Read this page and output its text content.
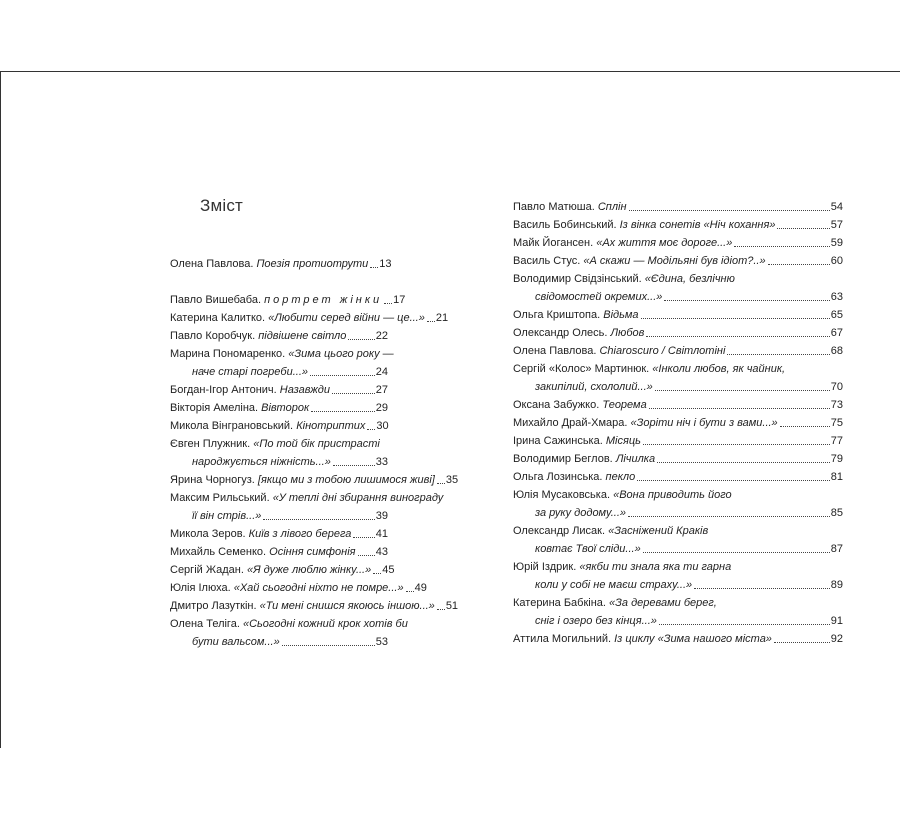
Зміст
Олена Павлова. Поезія протиотрути 13
Павло Вишебаба. портрет жінки 17
Катерина Калитко. «Любити серед війни — це...» 21
Павло Коробчук. підвішене світло	22
Марина Пономаренко. «Зима цього року —
наче старі погреби...»	24
Богдан-Ігор Антонич. Назавжди	27
Вікторія Амеліна. Вівторок	29
Микола Вінграновський. Кінотриптих 30
Євген Плужник. «По той бік пристрасті
народжується ніжність...»	33
Ярина Чорногуз. [якщо ми з тобою лишимося живі] 35
Максим Рильський. «У теплі дні збирання винограду
її він стрів...»	39
Микола Зеров. Київ з лівого берега 41
Михайль Семенко. Осіння симфонія 43
Сергій Жадан. «Я дуже люблю жінку...» 45
Юлія Ілюха. «Хай сьогодні ніхто не помре...» 49
Дмитро Лазуткін. «Ти мені снишся якоюсь іншою...» 51
Олена Теліга. «Сьогодні кожний крок хотів би
бути вальсом...»	53
Павло Матюша. Сплін	54
Василь Бобинський. Із вінка сонетів «Ніч кохання»	57
Майк Йогансен. «Ах життя моє дороге...»	59
Василь Стус. «А скажи — Модільяні був ідіот?..»	60
Володимир Свідзінський. «Єдина, безлiчню
свідомостей окремих...»	63
Ольга Криштопа. Відьма	65
Олександр Олесь. Любов	67
Олена Павлова. Chiaroscuro / Світлотіні	68
Сергій «Колос» Мартинюк. «Інколи любов, як чайник,
закипілий, схололий...»	70
Оксана Забужко. Теорема	73
Михайло Драй-Хмара. «Зорiти нiч i бути з вами...»	75
Ірина Сажинська. Місяць	77
Володимир Беглов. Лічилка	79
Ольга Лозинська. пекло	81
Юлія Мусаковська. «Вона приводить його
за руку додому...»	85
Олександр Лисак. «Засніжений Краків
ковтає Твої сліди...»	87
Юрій Іздрик. «якби ти знала яка ти гарна
коли у собі не маєш страху...»	89
Катерина Бабкіна. «За деревами берег,
сніг і озеро без кінця...»	91
Аттила Могильний. Із циклу «Зима нашого міста»	92
